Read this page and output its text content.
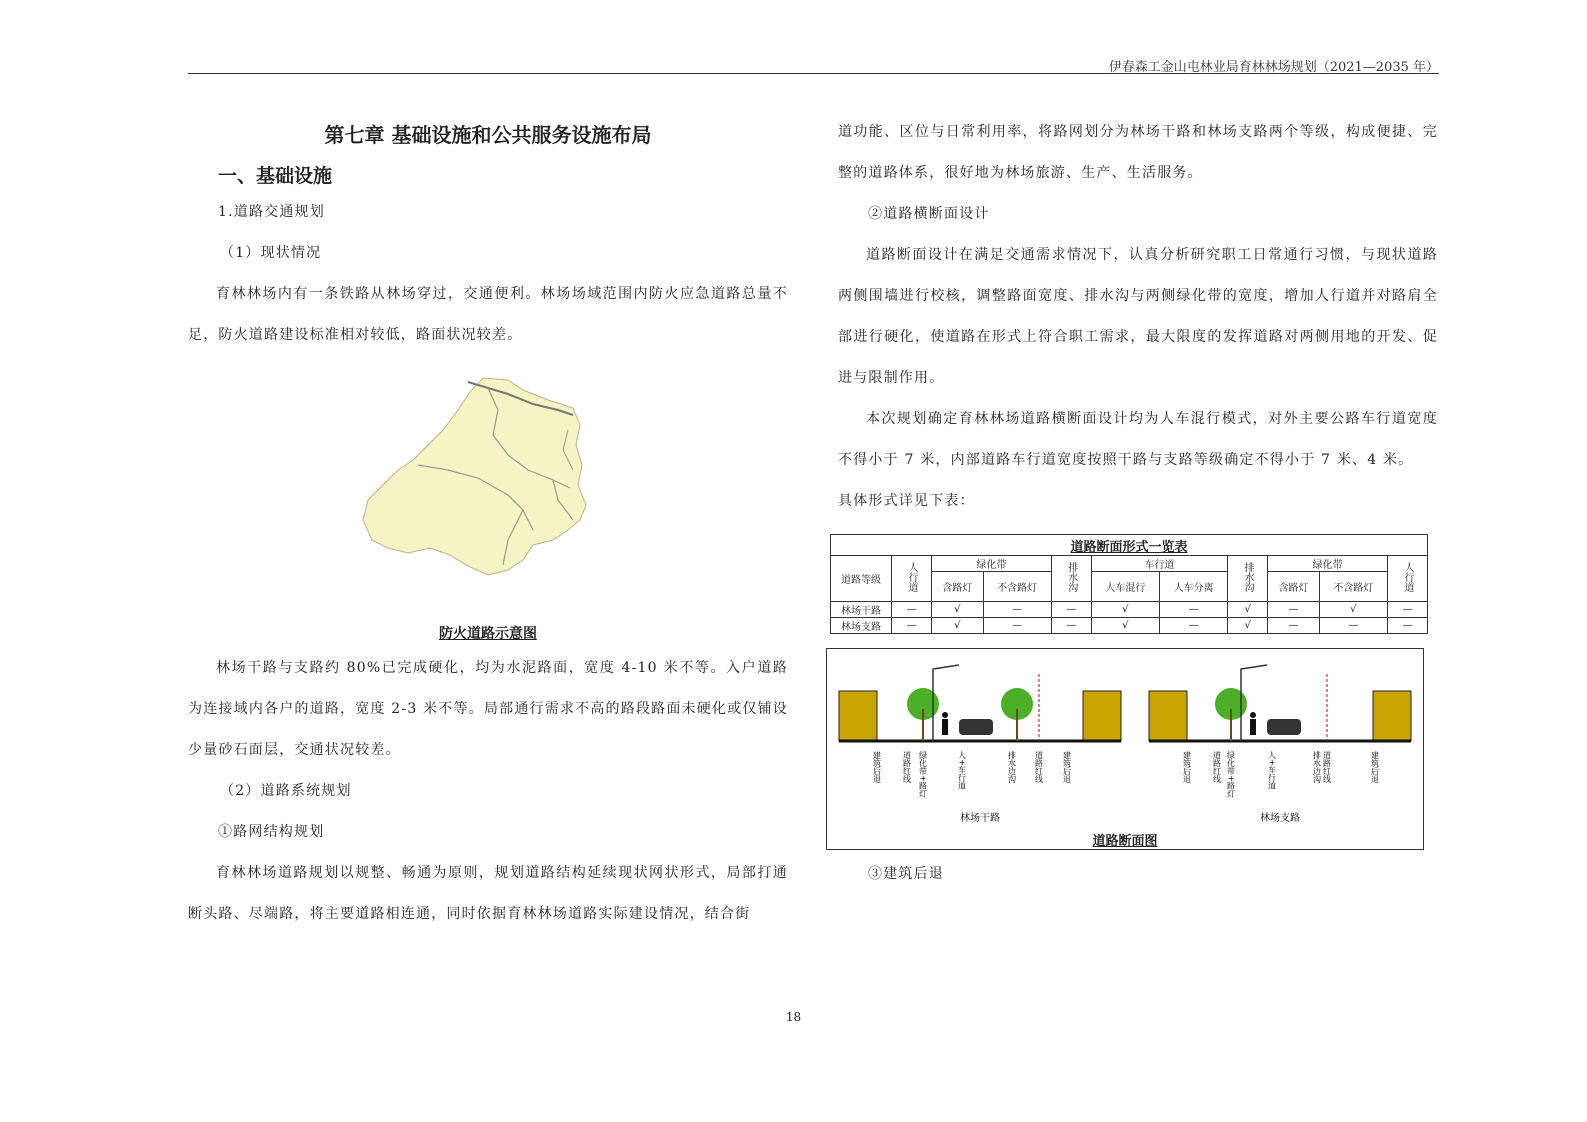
伊春森工金山屯林业局育林林场规划（2021—2035 年）
第七章 基础设施和公共服务设施布局
一、基础设施

1.道路交通规划

（1）现状情况

育林林场内有一条铁路从林场穿过，交通便利。林场场域范围内防火应急道路总量不足，防火道路建设标准相对较低，路面状况较差。

防火道路示意图

林场干路与支路约 80%已完成硬化，均为水泥路面，宽度 4-10 米不等。入户道路为连接域内各户的道路，宽度 2-3 米不等。局部通行需求不高的路段路面未硬化或仅铺设少量砂石面层，交通状况较差。

（2）道路系统规划

①路网结构规划

育林林场道路规划以规整、畅通为原则，规划道路结构延续现状网状形式，局部打通断头路、尽端路，将主要道路相连通，同时依据育林林场道路实际建设情况，结合街

道功能、区位与日常利用率，将路网划分为林场干路和林场支路两个等级，构成便捷、完整的道路体系，很好地为林场旅游、生产、生活服务。

②道路横断面设计

道路断面设计在满足交通需求情况下，认真分析研究职工日常通行习惯，与现状道路两侧围墙进行校核，调整路面宽度、排水沟与两侧绿化带的宽度，增加人行道并对路肩全部进行硬化，使道路在形式上符合职工需求，最大限度的发挥道路对两侧用地的开发、促进与限制作用。

本次规划确定育林林场道路横断面设计均为人车混行模式，对外主要公路车行道宽度不得小于 7 米，内部道路车行道宽度按照干路与支路等级确定不得小于 7 米、4 米。

具体形式详见下表：

道路断面形式一览表										
道路等级	人行道	绿化带		排水沟	车行道		排水沟	绿化带		人行道
		含路灯	不含路灯		人车混行	人车分离		含路灯	不含路灯	
林场干路	—	√	—	—	√	—	√	—	√	—
林场支路	—	√	—	—	√	—	√	—	—	—
建筑后退	道路红线 绿化带+路灯	人+车行道	排水边沟 道路红线 建筑后退	建筑后退	道路红线 绿化带+路灯	人+车行道	排水边沟 道路红线	建筑后退
林场干路	林场支路
道路断面图

③建筑后退

18
